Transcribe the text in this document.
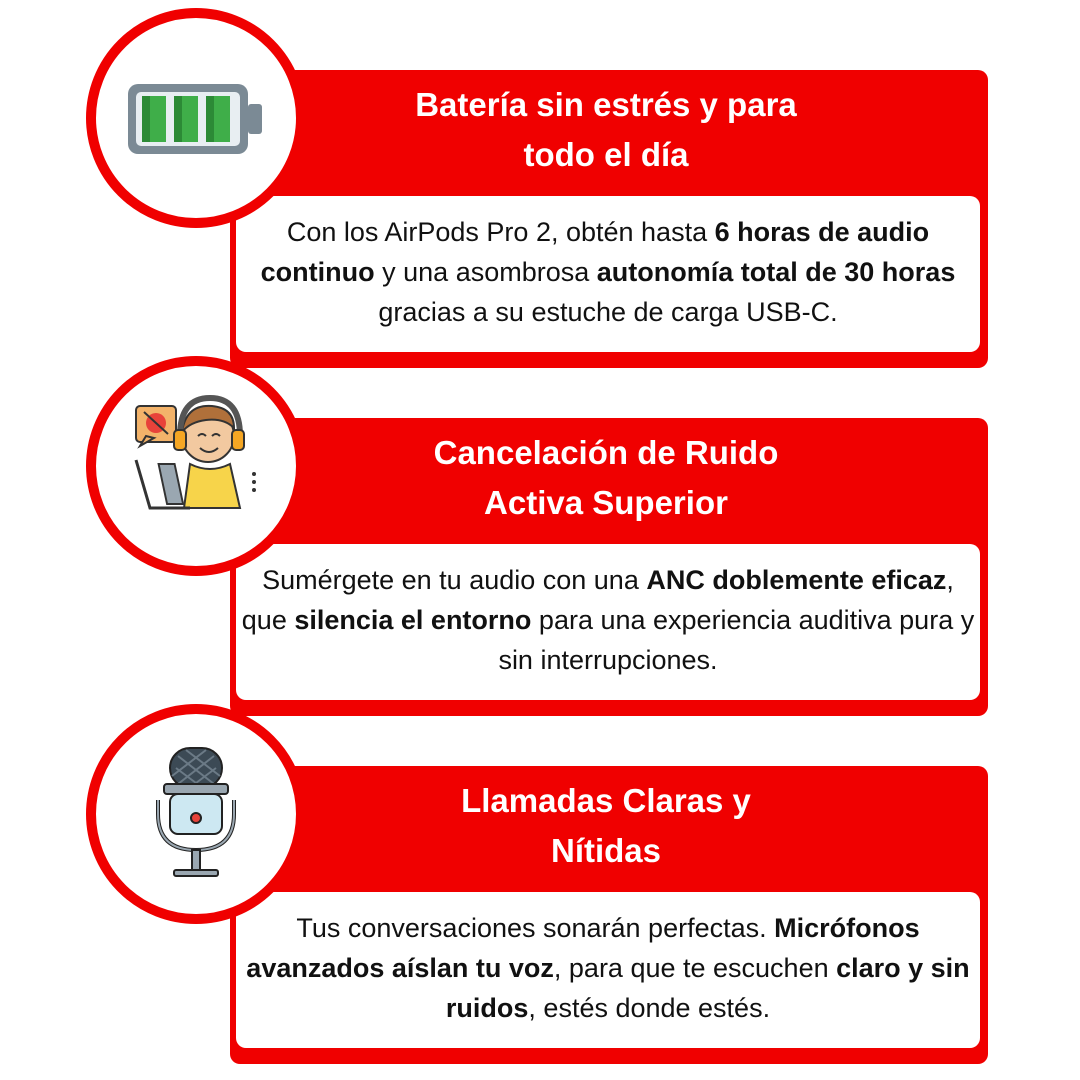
Batería sin estrés y para
todo el día
Con los AirPods Pro 2, obtén hasta 6 horas de audio continuo y una asombrosa autonomía total de 30 horas gracias a su estuche de carga USB-C.
Cancelación de Ruido
Activa Superior
Sumérgete en tu audio con una ANC doblemente eficaz, que silencia el entorno para una experiencia auditiva pura y sin interrupciones.
Llamadas Claras y
Nítidas
Tus conversaciones sonarán perfectas. Micrófonos avanzados aíslan tu voz, para que te escuchen claro y sin ruidos, estés donde estés.
